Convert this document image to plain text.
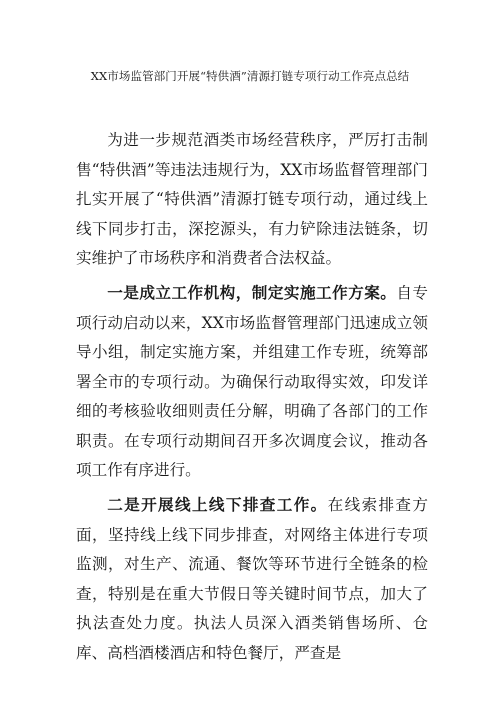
XX市场监管部门开展“特供酒”清源打链专项行动工作亮点总结

为进一步规范酒类市场经营秩序，严厉打击制售“特供酒”等违法违规行为，XX市场监督管理部门扎实开展了“特供酒”清源打链专项行动，通过线上线下同步打击，深挖源头，有力铲除违法链条，切实维护了市场秩序和消费者合法权益。

一是成立工作机构，制定实施工作方案。自专项行动启动以来，XX市场监督管理部门迅速成立领导小组，制定实施方案，并组建工作专班，统筹部署全市的专项行动。为确保行动取得实效，印发详细的考核验收细则责任分解，明确了各部门的工作职责。在专项行动期间召开多次调度会议，推动各项工作有序进行。

二是开展线上线下排查工作。在线索排查方面，坚持线上线下同步排查，对网络主体进行专项监测，对生产、流通、餐饮等环节进行全链条的检查，特别是在重大节假日等关键时间节点，加大了执法查处力度。执法人员深入酒类销售场所、仓库、高档酒楼酒店和特色餐厅，严查是
